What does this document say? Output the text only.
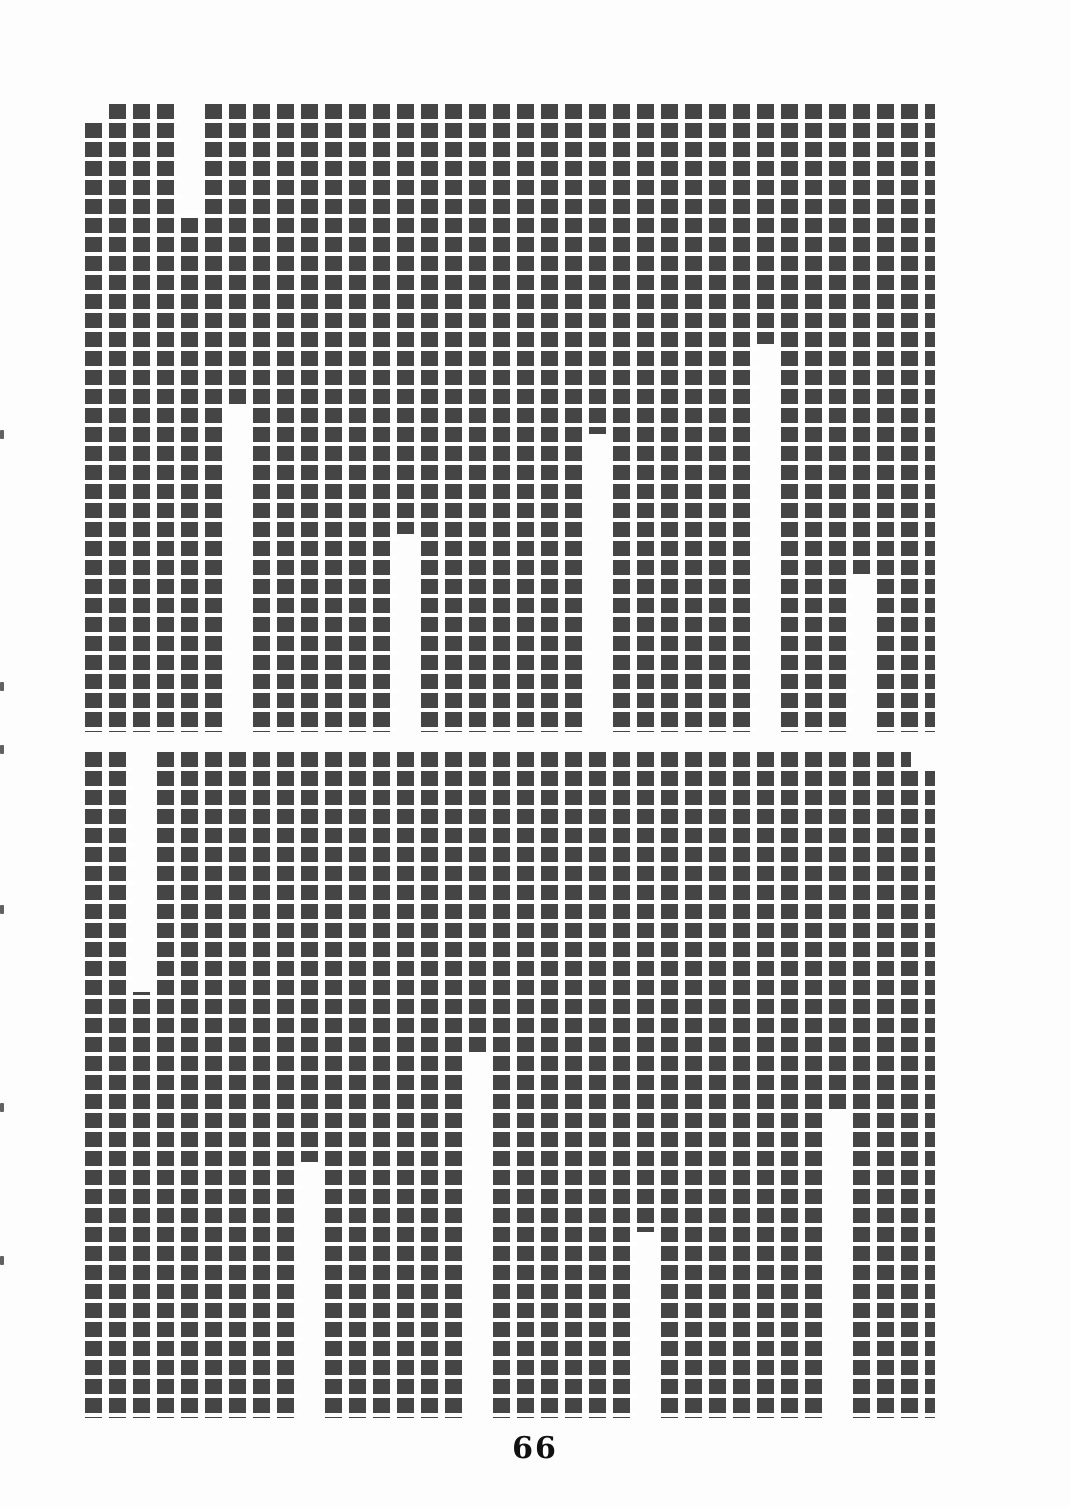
66
